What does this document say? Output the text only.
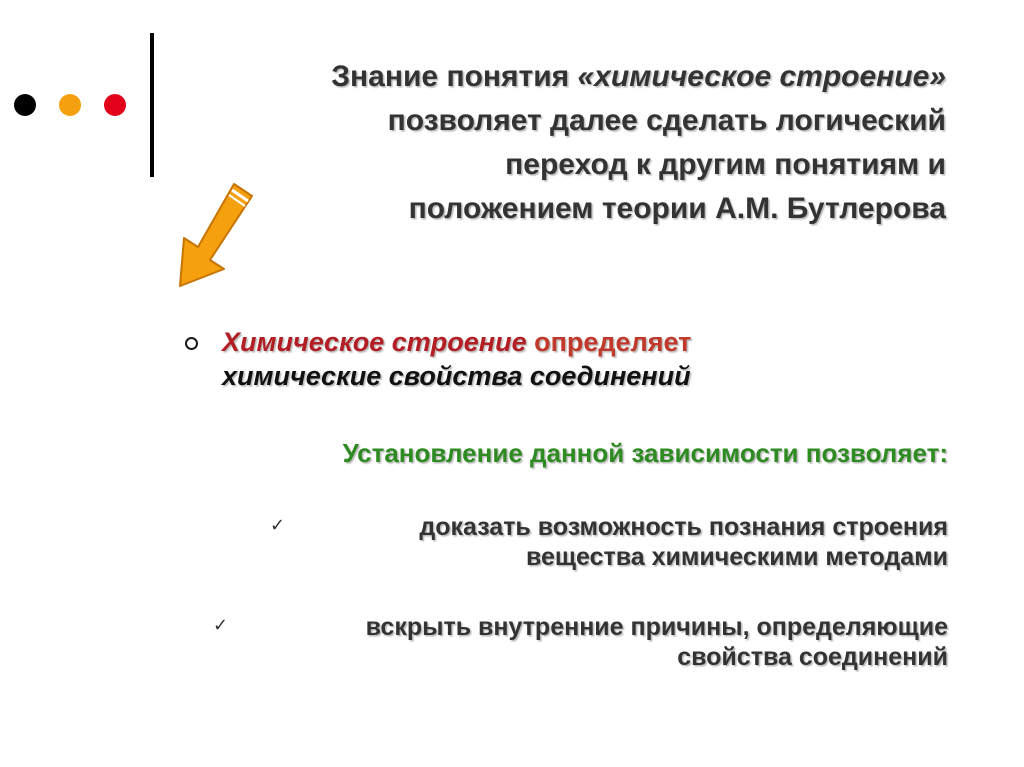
Знание понятия «химическое строение»
позволяет далее сделать логический
переход к другим понятиям и
положением теории А.М. Бутлерова
Химическое строение определяет
химические свойства соединений
Установление данной зависимости позволяет:
✓	доказать возможность познания строения
вещества химическими методами
✓	вскрыть внутренние причины, определяющие
свойства соединений
